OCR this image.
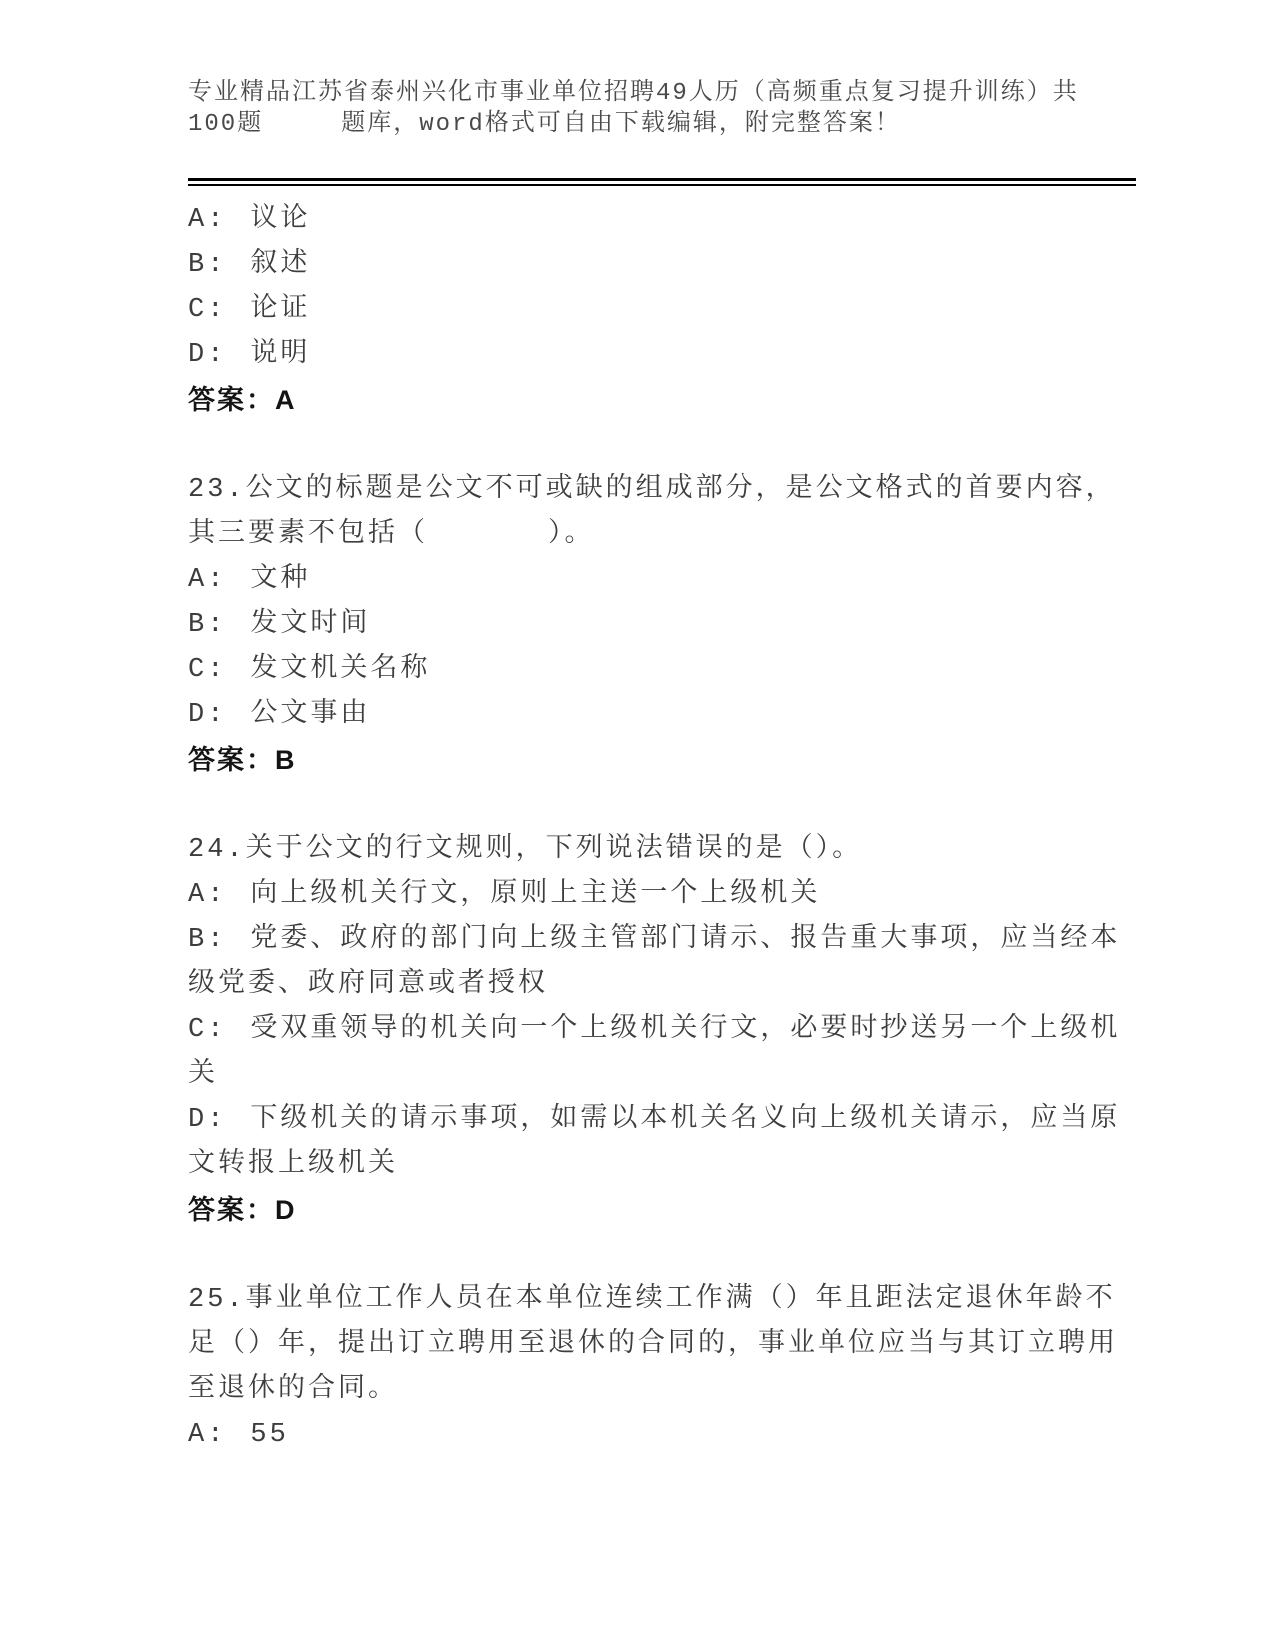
专业精品江苏省泰州兴化市事业单位招聘49人历（高频重点复习提升训练）共
100题　　　题库，word格式可自由下载编辑，附完整答案！
A: 议论
B: 叙述
C: 论证
D: 说明
答案：A
23.公文的标题是公文不可或缺的组成部分，是公文格式的首要内容，其三要素不包括（　　　　）。
A: 文种
B: 发文时间
C: 发文机关名称
D: 公文事由
答案：B
24.关于公文的行文规则，下列说法错误的是（）。
A: 向上级机关行文，原则上主送一个上级机关
B: 党委、政府的部门向上级主管部门请示、报告重大事项，应当经本级党委、政府同意或者授权
C: 受双重领导的机关向一个上级机关行文，必要时抄送另一个上级机关
D: 下级机关的请示事项，如需以本机关名义向上级机关请示，应当原文转报上级机关
答案：D
25.事业单位工作人员在本单位连续工作满（）年且距法定退休年龄不足（）年，提出订立聘用至退休的合同的，事业单位应当与其订立聘用至退休的合同。
A: 55
